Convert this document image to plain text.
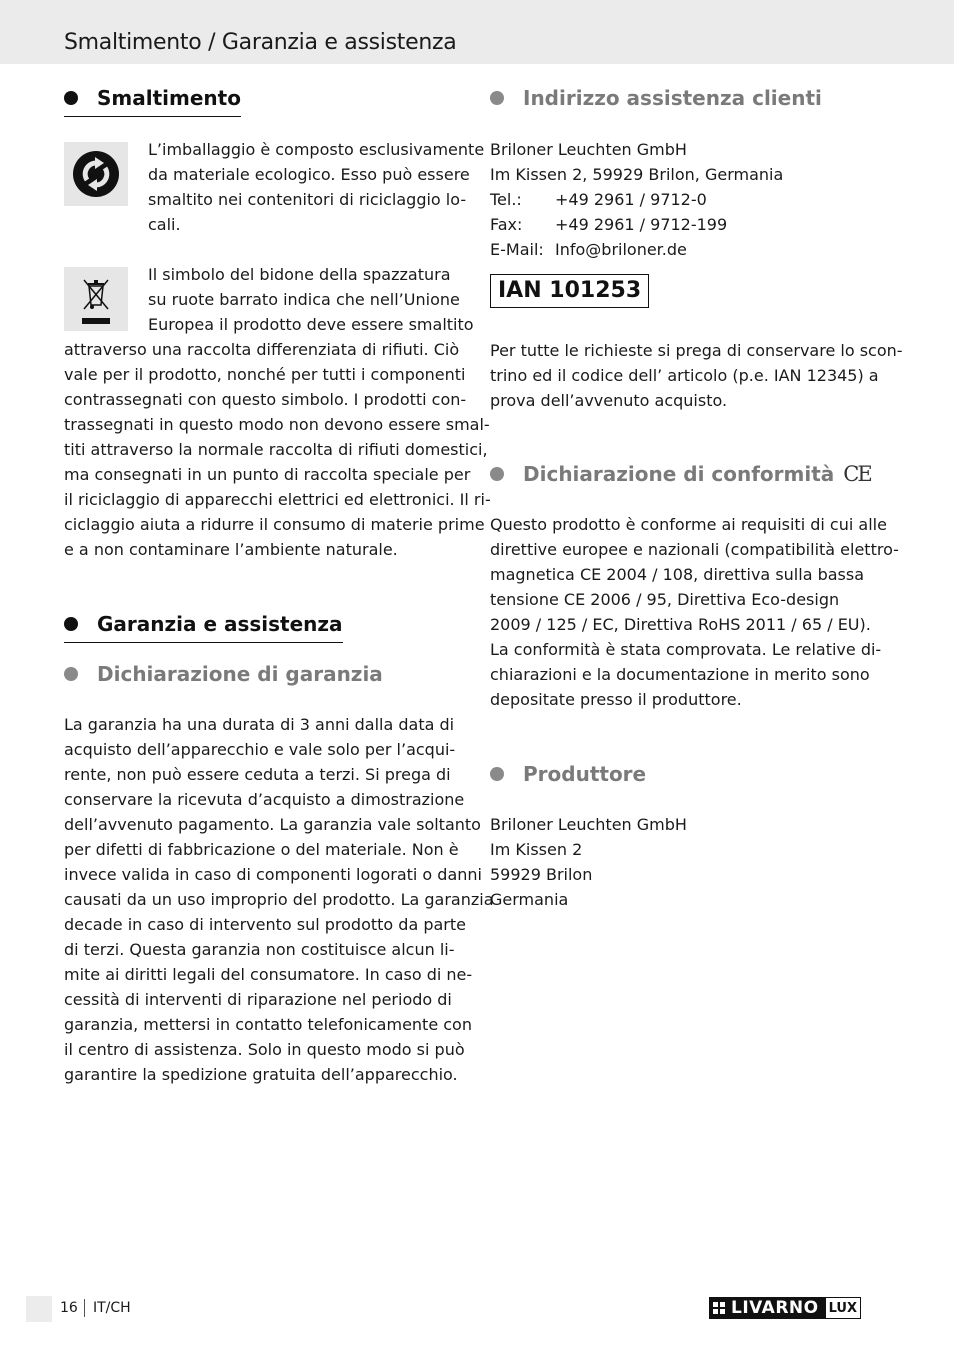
Smaltimento / Garanzia e assistenza
Smaltimento
L’imballaggio è composto esclusivamente
da materiale ecologico. Esso può essere
smaltito nei contenitori di riciclaggio lo-
cali.
Il simbolo del bidone della spazzatura
su ruote barrato indica che nell’Unione
Europea il prodotto deve essere smaltito
attraverso una raccolta differenziata di rifiuti. Ciò
vale per il prodotto, nonché per tutti i componenti
contrassegnati con questo simbolo. I prodotti con-
trassegnati in questo modo non devono essere smal-
titi attraverso la normale raccolta di rifiuti domestici,
ma consegnati in un punto di raccolta speciale per
il riciclaggio di apparecchi elettrici ed elettronici. Il ri-
ciclaggio aiuta a ridurre il consumo di materie prime
e a non contaminare l’ambiente naturale.
Garanzia e assistenza
Dichiarazione di garanzia
La garanzia ha una durata di 3 anni dalla data di
acquisto dell’apparecchio e vale solo per l’acqui-
rente, non può essere ceduta a terzi. Si prega di
conservare la ricevuta d’acquisto a dimostrazione
dell’avvenuto pagamento. La garanzia vale soltanto
per difetti di fabbricazione o del materiale. Non è
invece valida in caso di componenti logorati o danni
causati da un uso improprio del prodotto. La garanzia
decade in caso di intervento sul prodotto da parte
di terzi. Questa garanzia non costituisce alcun li-
mite ai diritti legali del consumatore. In caso di ne-
cessità di interventi di riparazione nel periodo di
garanzia, mettersi in contatto telefonicamente con
il centro di assistenza. Solo in questo modo si può
garantire la spedizione gratuita dell’apparecchio.
Indirizzo assistenza clienti
Briloner Leuchten GmbH
Im Kissen 2, 59929 Brilon, Germania
Tel.: +49 2961 / 9712-0
Fax: +49 2961 / 9712-199
E-Mail: Info@briloner.de
IAN 101253
Per tutte le richieste si prega di conservare lo scon-
trino ed il codice dell’ articolo (p.e. IAN 12345) a
prova dell’avvenuto acquisto.
Dichiarazione di conformità CE
Questo prodotto è conforme ai requisiti di cui alle
direttive europee e nazionali (compatibilità elettro-
magnetica CE 2004 / 108, direttiva sulla bassa
tensione CE 2006 / 95, Direttiva Eco-design
2009 / 125 / EC, Direttiva RoHS 2011 / 65 / EU).
La conformità è stata comprovata. Le relative di-
chiarazioni e la documentazione in merito sono
depositate presso il produttore.
Produttore
Briloner Leuchten GmbH
Im Kissen 2
59929 Brilon
Germania
16 IT/CH	LIVARNO LUX
